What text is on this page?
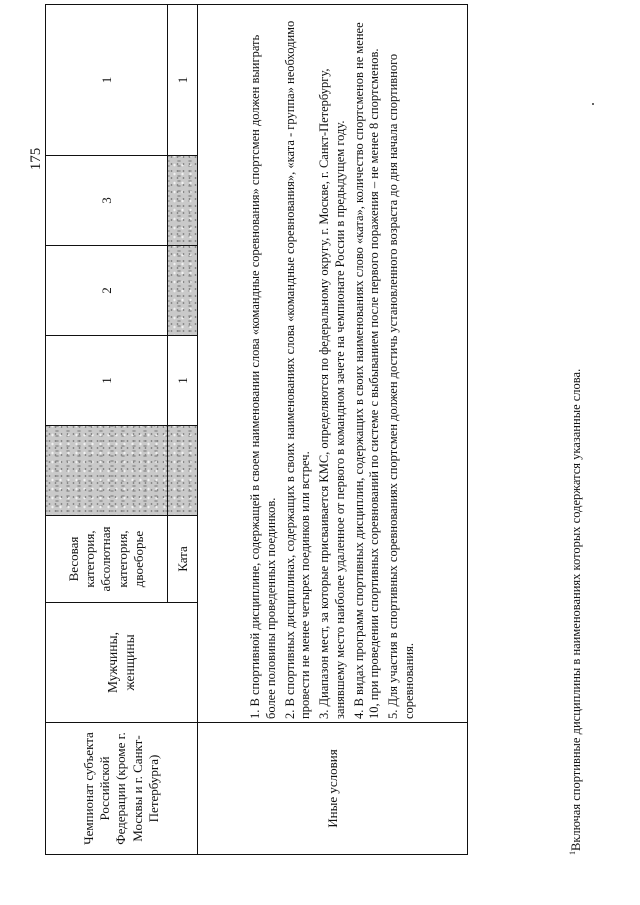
175
Чемпионат субъекта Российской Федерации (кроме г. Москвы и г. Санкт-Петербурга)	Мужчины, женщины	Весовая категория, абсолютная категория, двоеборье		1	2	3	1
		Ката		1			1
Иные условия	1. В спортивной дисциплине, содержащей в своем наименовании слова «командные соревнования» спортсмен должен выиграть более половины проведенных поединков. 2. В спортивных дисциплинах, содержащих в своих наименованиях слова «командные соревнования», «ката - группа» необходимо провести не менее четырех поединков или встреч. 3. Диапазон мест, за которые присваивается КМС, определяются по федеральному округу, г. Москве, г. Санкт-Петербургу, занявшему место наиболее удаленное от первого в командном зачете на чемпионате России в предыдущем году. 4. В видах программ спортивных дисциплин, содержащих в своих наименованиях слово «ката», количество спортсменов не менее 10, при проведении спортивных соревнований по системе с выбыванием после первого поражения – не менее 8 спортсменов. 5. Для участия в спортивных соревнованиях спортсмен должен достичь установленного возраста до дня начала спортивного соревнования.						

$^1$Включая спортивные дисциплины в наименованиях которых содержатся указанные слова.
